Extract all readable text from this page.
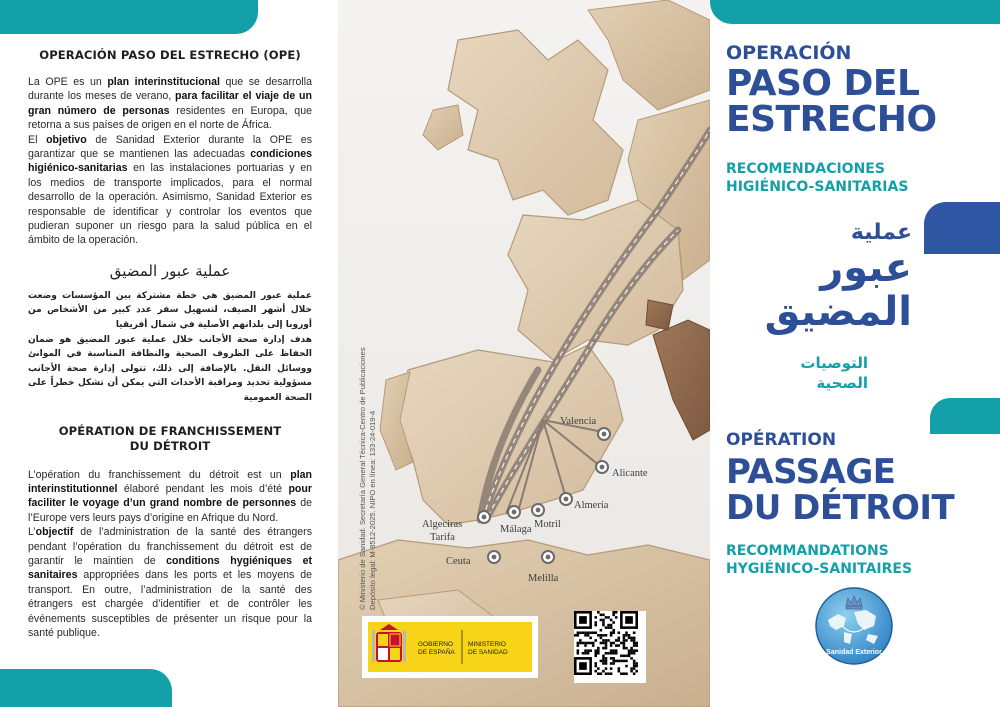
OPERACIÓN PASO DEL ESTRECHO (OPE)

La OPE es un plan interinstitucional que se desarrolla durante los meses de verano, para facilitar el viaje de un gran número de personas residentes en Europa, que retorna a sus países de origen en el norte de África.

El objetivo de Sanidad Exterior durante la OPE es garantizar que se mantienen las adecuadas condiciones higiénico-sanitarias en las instalaciones portuarias y en los medios de transporte implicados, para el normal desarrollo de la operación. Asimismo, Sanidad Exterior es responsable de identificar y controlar los eventos que pudieran suponer un riesgo para la salud pública en el ámbito de la operación.

عملية عبور المضيق

عملية عبور المضيق هي خطة مشتركة بين المؤسسات وضعت خلال أشهر الصيف، لتسهيل سفر عدد كبير من الأشخاص من أوروبا إلى بلدانهم الأصلية في شمال أفريقيا

هدف إدارة صحة الأجانب خلال عملية عبور المضيق هو ضمان الحفاظ على الظروف الصحية والنظافة المناسبة في الموانئ ووسائل النقل. بالإضافة إلى ذلك، تتولى إدارة صحة الأجانب مسؤولية تحديد ومراقبة الأحداث التي يمكن أن تشكل خطراً على الصحة العمومية

OPÉRATION DE FRANCHISSEMENT
DU DÉTROIT

L’opération du franchissement du détroit est un plan interinstitutionnel élaboré pendant les mois d’été pour faciliter le voyage d’un grand nombre de personnes de l’Europe vers leurs pays d’origine en Afrique du Nord.

L’objectif de l’administration de la santé des étrangers pendant l’opération du franchissement du détroit est de garantir le maintien de conditions hygiéniques et sanitaires appropriées dans les ports et les moyens de transport. En outre, l’administration de la santé des étrangers est chargée d’identifier et de contrôler les événements susceptibles de présenter un risque pour la santé publique.

Valencia
Alicante
Almería
Motril
Málaga
Algeciras
Tarifa
Ceuta
Melilla
© Ministerio de Sanidad. Secretaría General Técnica-Centro de Publicaciones Depósito legal: M-8512-2025. NIPO en línea: 133-24-019-4
GOBIERNO
DE ESPAÑA
MINISTERIO
DE SANIDAD
OPERACIÓN
PASO DEL
ESTRECHO
RECOMENDACIONES
HIGIÉNICO-SANITARIAS
عملية
عبور
المضيق
التوصيات
الصحية
OPÉRATION
PASSAGE
DU DÉTROIT
RECOMMANDATIONS
HYGIÉNICO-SANITAIRES
Sanidad Exterior
